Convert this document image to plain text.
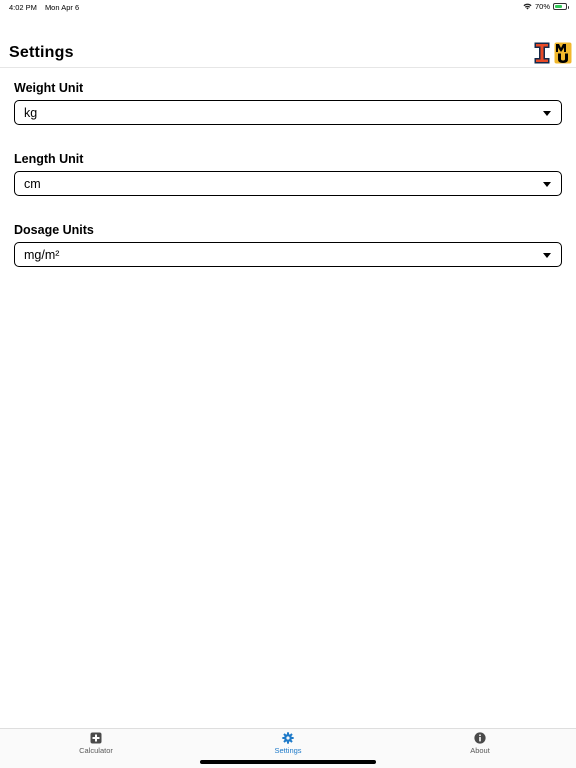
4:02 PM Mon Apr 6	70%
Settings
Weight Unit
kg
Length Unit
cm
Dosage Units
mg/m²
Calculator	Settings	About
